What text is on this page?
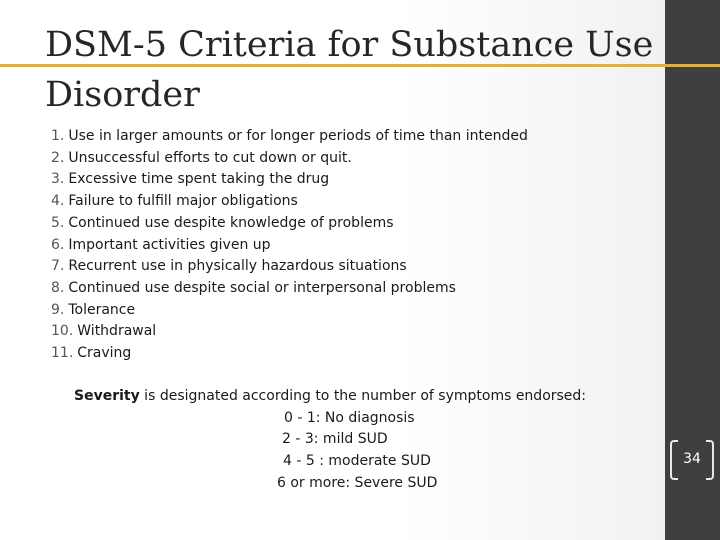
DSM-5 Criteria for Substance Use Disorder
1. Use in larger amounts or for longer periods of time than intended
2. Unsuccessful efforts to cut down or quit.
3. Excessive time spent taking the drug
4. Failure to fulfill major obligations
5. Continued use despite knowledge of problems
6. Important activities given up
7. Recurrent use in physically hazardous situations
8. Continued use despite social or interpersonal problems
9. Tolerance
10. Withdrawal
11. Craving
Severity is designated according to the number of symptoms endorsed:
0 - 1: No diagnosis
2 - 3: mild SUD
4 - 5 : moderate SUD
6 or more: Severe SUD
34
